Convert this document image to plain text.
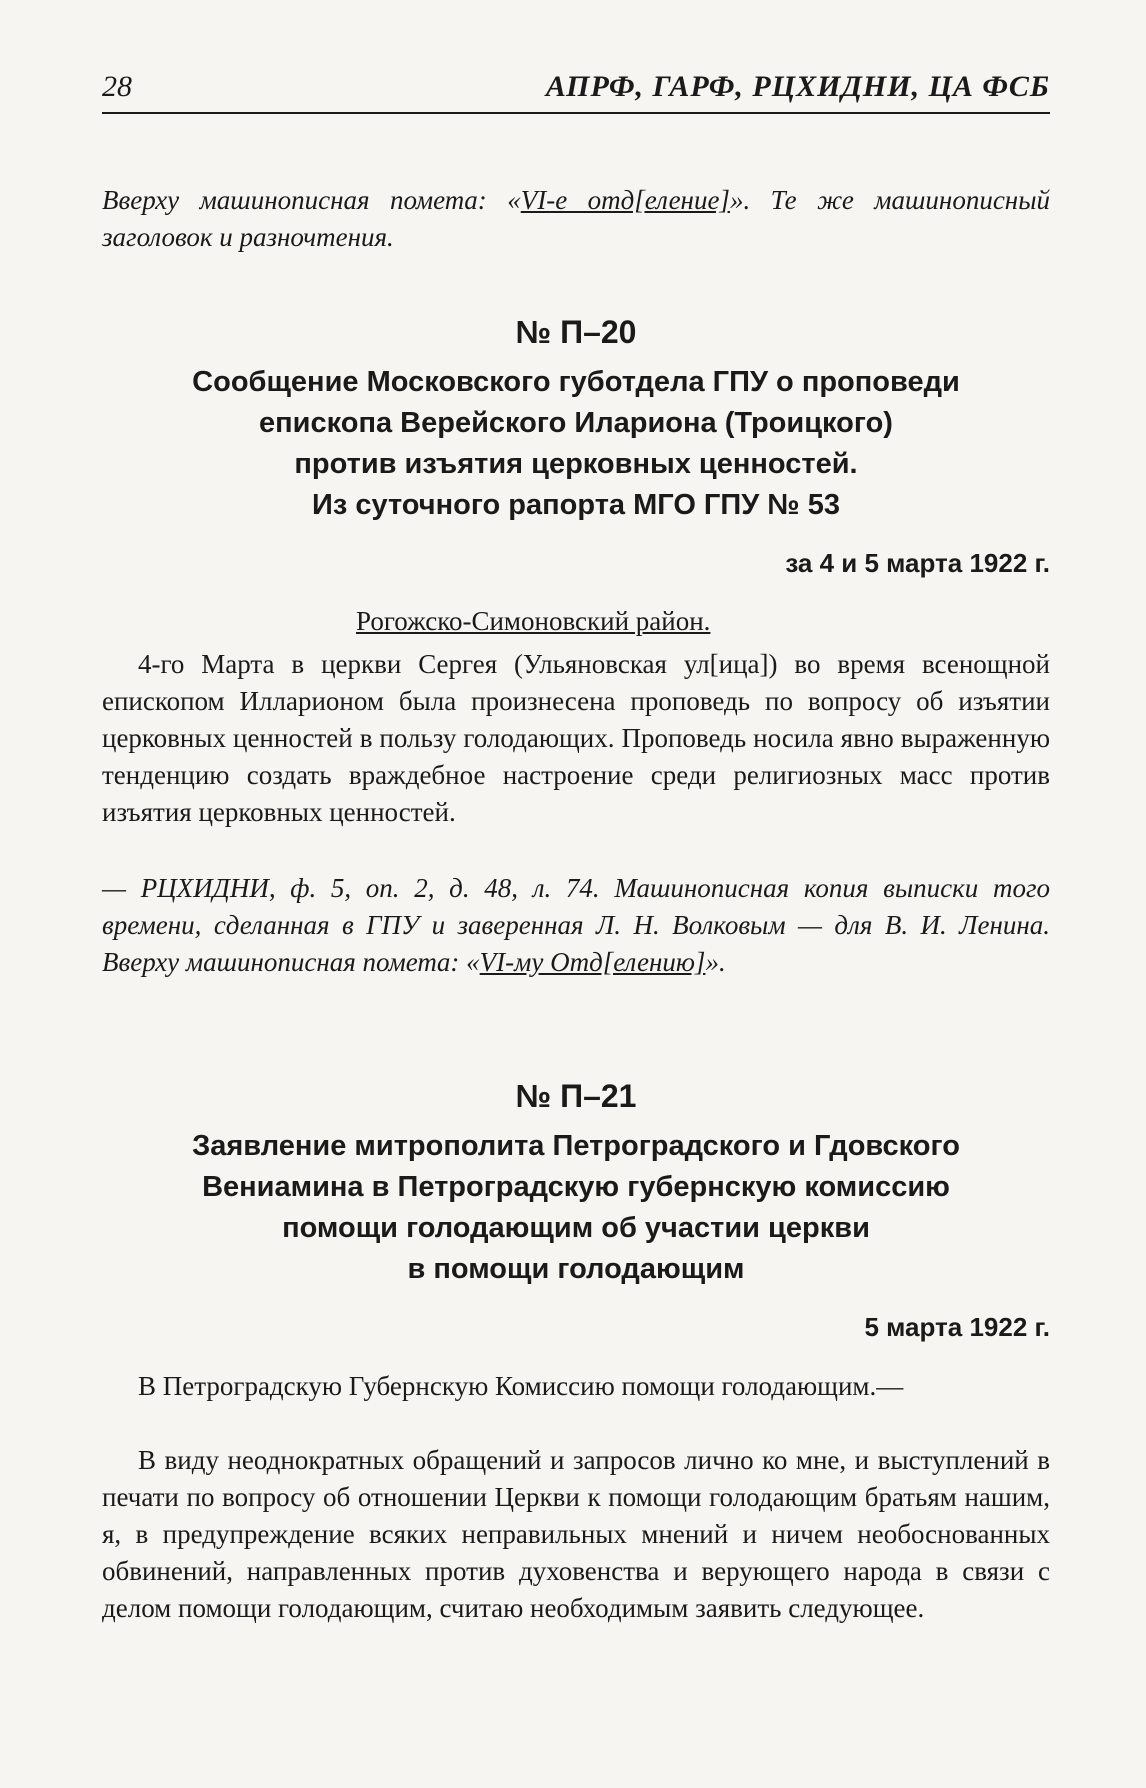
28	АПРФ, ГАРФ, РЦХИДНИ, ЦА ФСБ
Вверху машинописная пометa: «VI-е отд[еление]». Те же машинописный заголовок и разночтения.
№ П–20
Сообщение Московского губотдела ГПУ о проповеди
епископа Верейского Илариона (Троицкого)
против изъятия церковных ценностей.
Из суточного рапорта МГО ГПУ № 53
за 4 и 5 марта 1922 г.
Рогожско-Симоновский район.
4-го Марта в церкви Сергея (Ульяновская ул[ица]) во время всенощной епископом Илларионом была произнесена проповедь по вопросу об изъятии церковных ценностей в пользу голодающих. Проповедь носила явно выраженную тенденцию создать враждебное настроение среди религиозных масс против изъятия церковных ценностей.
— РЦХИДНИ, ф. 5, оп. 2, д. 48, л. 74. Машинописная копия выписки того времени, сделанная в ГПУ и заверенная Л. Н. Волковым — для В. И. Ленина. Вверху машинописная пометa: «VI-му Отд[елению]».
№ П–21
Заявление митрополита Петроградского и Гдовского
Вениамина в Петроградскую губернскую комиссию
помощи голодающим об участии церкви
в помощи голодающим
5 марта 1922 г.
В Петроградскую Губернскую Комиссию помощи голодающим.—
В виду неоднократных обращений и запросов лично ко мне, и выступлений в печати по вопросу об отношении Церкви к помощи голодающим братьям нашим, я, в предупреждение всяких неправильных мнений и ничем необоснованных обвинений, направленных против духовенства и верующего народа в связи с делом помощи голодающим, считаю необходимым заявить следующее.
